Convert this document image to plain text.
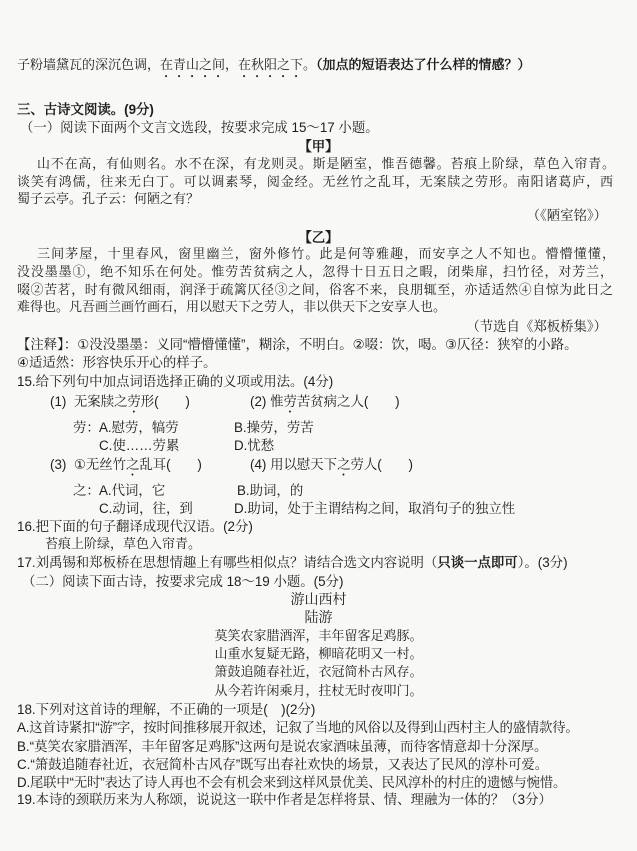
子粉墙黛瓦的深沉色调，在青山之间，在秋阳之下。（加点的短语表达了什么样的情感？）
三、古诗文阅读。(9分)
（一）阅读下面两个文言文选段，按要求完成 15～17 小题。
【甲】
山不在高，有仙则名。水不在深，有龙则灵。斯是陋室，惟吾德馨。苔痕上阶绿，草色入帘青。
谈笑有鸿儒，往来无白丁。可以调素琴，阅金经。无丝竹之乱耳，无案牍之劳形。南阳诸葛庐，西
蜀子云亭。孔子云：何陋之有？
（《陋室铭》）
【乙】
三间茅屋，十里春风，窗里幽兰，窗外修竹。此是何等雅趣，而安享之人不知也。懵懵懂懂，
没没墨墨①，绝不知乐在何处。惟劳苦贫病之人，忽得十日五日之暇，闭柴扉，扫竹径，对芳兰，
啜②苦茗，时有微风细雨，润泽于疏篱仄径③之间，俗客不来，良朋辄至，亦适适然④自惊为此日之
难得也。凡吾画兰画竹画石，用以慰天下之劳人，非以供天下之安享人也。
（节选自《郑板桥集》）
【注释】：①没没墨墨：义同“懵懵懂懂”，糊涂，不明白。②啜：饮，喝。③仄径：狭窄的小路。
④适适然：形容快乐开心的样子。
15.给下列句中加点词语选择正确的义项或用法。(4分)
(1) 无案牍之劳形(　　)	(2) 惟劳苦贫病之人(　　)
劳： A.慰劳，犒劳	B.操劳，劳苦
C.使……劳累	D.忧愁
(3) ①无丝竹之乱耳(　　)	(4) 用以慰天下之劳人(　　)
之： A.代词，它	B.助词，的
C.动词，往，到	D.助词，处于主谓结构之间，取消句子的独立性
16.把下面的句子翻译成现代汉语。(2分)
苔痕上阶绿，草色入帘青。
17.刘禹锡和郑板桥在思想情趣上有哪些相似点？请结合选文内容说明（只谈一点即可）。(3分)
（二）阅读下面古诗，按要求完成 18～19 小题。(5分)
游山西村
陆游
莫笑农家腊酒浑，丰年留客足鸡豚。
山重水复疑无路，柳暗花明又一村。
箫鼓追随春社近，衣冠简朴古风存。
从今若许闲乘月，拄杖无时夜叩门。
18.下列对这首诗的理解，不正确的一项是(　)(2分)
A.这首诗紧扣“游”字，按时间推移展开叙述，记叙了当地的风俗以及得到山西村主人的盛情款待。
B.“莫笑农家腊酒浑，丰年留客足鸡豚”这两句是说农家酒味虽薄，而待客情意却十分深厚。
C.“箫鼓追随春社近，衣冠简朴古风存”既写出春社欢快的场景，又表达了民风的淳朴可爱。
D.尾联中“无时”表达了诗人再也不会有机会来到这样风景优美、民风淳朴的村庄的遗憾与惋惜。
19.本诗的颈联历来为人称颂，说说这一联中作者是怎样将景、情、理融为一体的？（3分）
